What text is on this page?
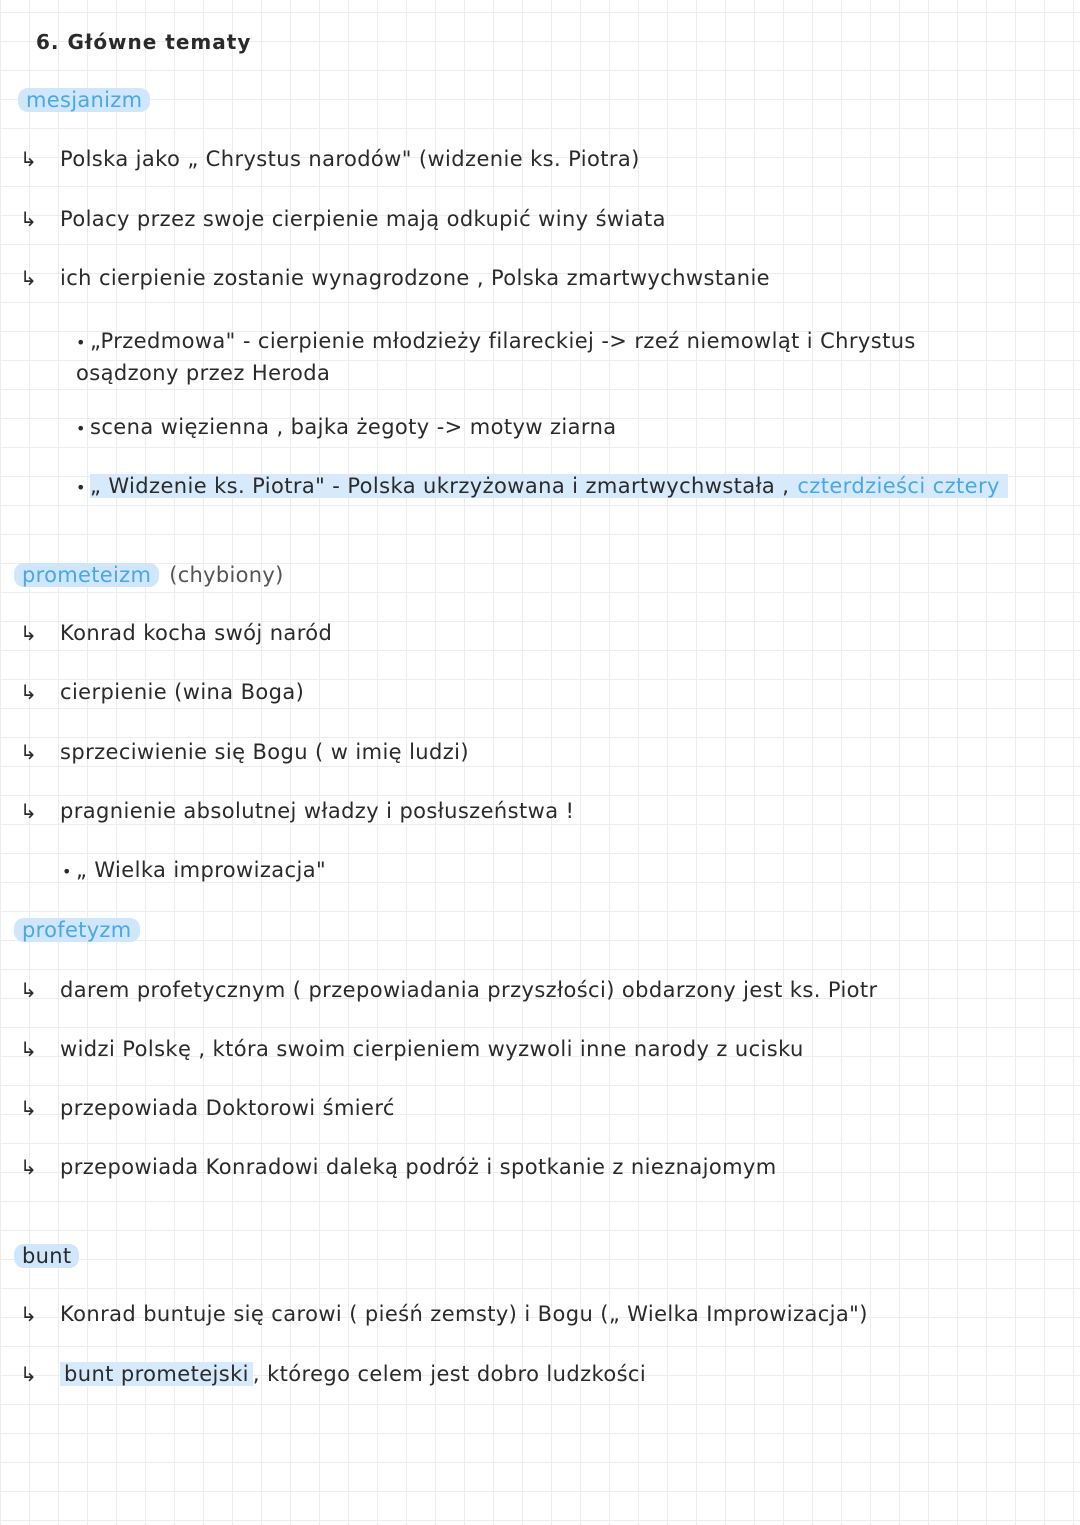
6. Główne tematy
mesjanizm
↳ Polska jako „ Chrystus narodów" (widzenie ks. Piotra)
↳ Polacy przez swoje cierpienie mają odkupić winy świata
↳ ich cierpienie zostanie wynagrodzone , Polska zmartwychwstanie
• „Przedmowa" - cierpienie młodzieży filareckiej -> rzeź niemowląt i Chrystus osądzony przez Heroda
• scena więzienna , bajka żegoty -> motyw ziarna
• „ Widzenie ks. Piotra" - Polska ukrzyżowana i zmartwychwstała , czterdzieści cztery
prometeizm (chybiony)
↳ Konrad kocha swój naród
↳ cierpienie (wina Boga)
↳ sprzeciwienie się Bogu ( w imię ludzi)
↳ pragnienie absolutnej władzy i posłuszeństwa !
• „ Wielka improwizacja"
profetyzm
↳ darem profetycznym ( przepowiadania przyszłości) obdarzony jest ks. Piotr
↳ widzi Polskę , która swoim cierpieniem wyzwoli inne narody z ucisku
↳ przepowiada Doktorowi śmierć
↳ przepowiada Konradowi daleką podróż i spotkanie z nieznajomym
bunt
↳ Konrad buntuje się carowi ( pieśń zemsty) i Bogu („ Wielka Improwizacja")
↳ bunt prometejski , którego celem jest dobro ludzkości
